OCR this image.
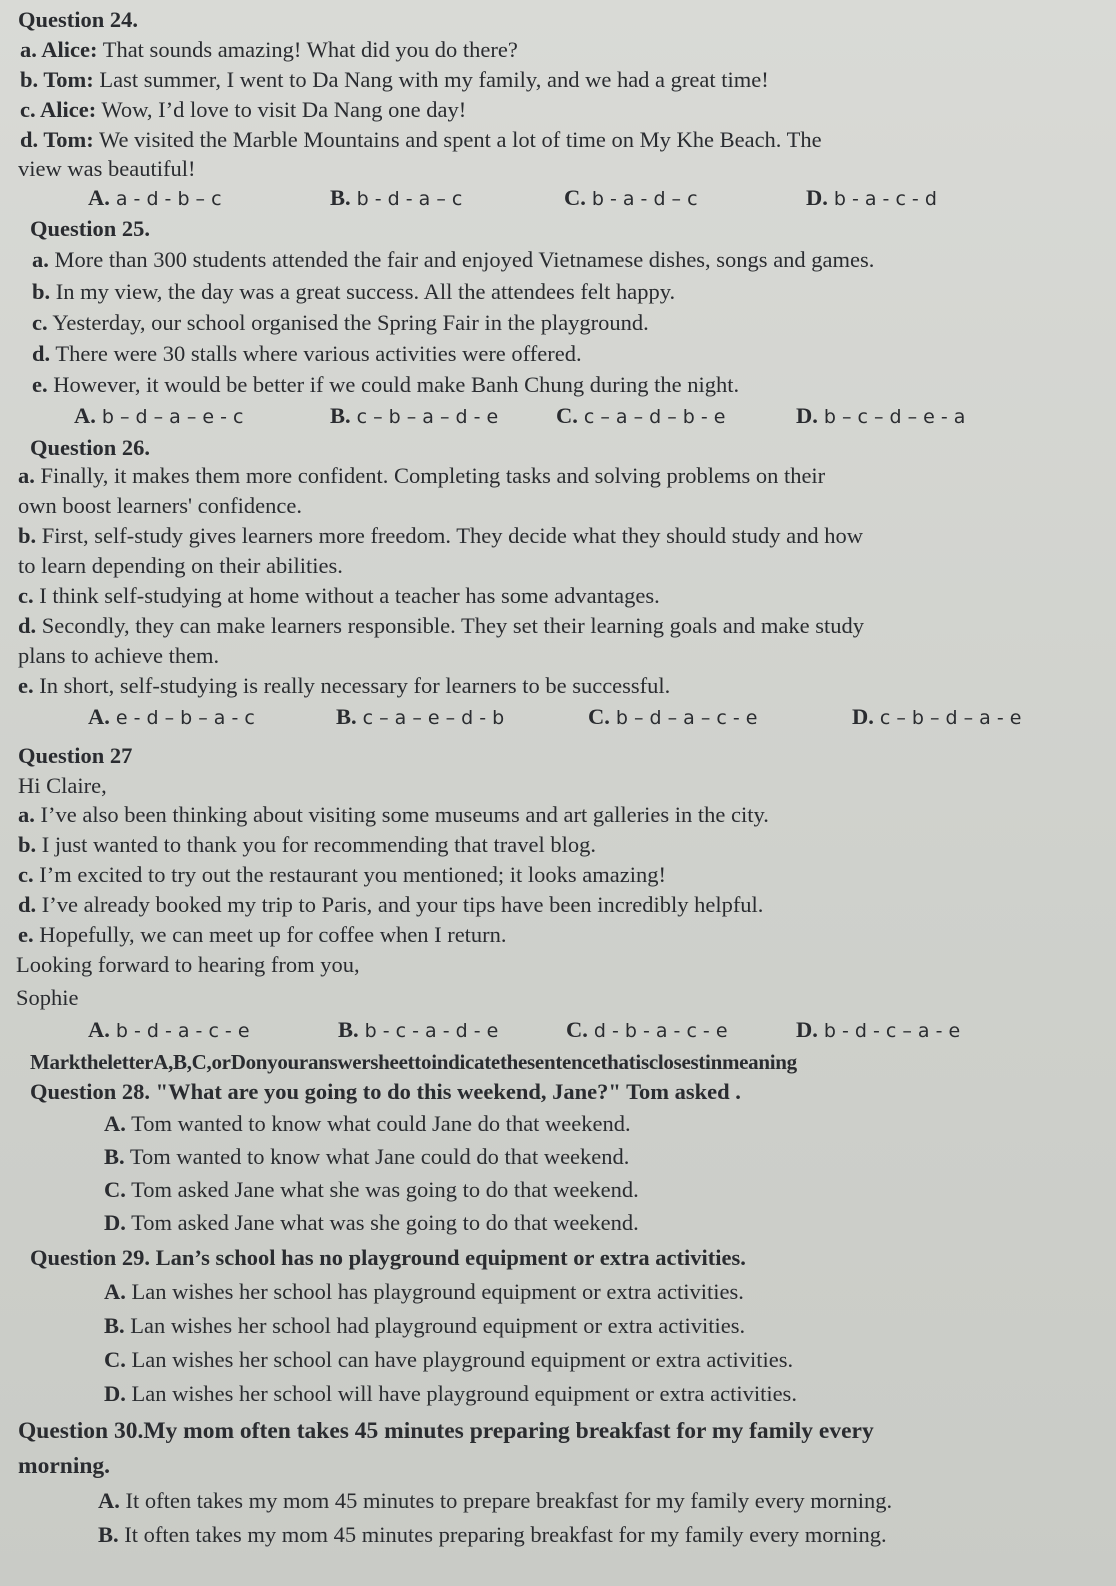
Question 24.
a. Alice: That sounds amazing! What did you do there?
b. Tom: Last summer, I went to Da Nang with my family, and we had a great time!
c. Alice: Wow, I’d love to visit Da Nang one day!
d. Tom: We visited the Marble Mountains and spent a lot of time on My Khe Beach. The
view was beautiful!
A. a - d - b – c	B. b - d - a – c	C. b - a - d – c	D. b - a - c - d
Question 25.
a. More than 300 students attended the fair and enjoyed Vietnamese dishes, songs and games.
b. In my view, the day was a great success. All the attendees felt happy.
c. Yesterday, our school organised the Spring Fair in the playground.
d. There were 30 stalls where various activities were offered.
e. However, it would be better if we could make Banh Chung during the night.
A. b – d – a – e - c	B. c – b – a – d - e	C. c – a – d – b - e	D. b – c – d – e - a
Question 26.
a. Finally, it makes them more confident. Completing tasks and solving problems on their
own boost learners' confidence.
b. First, self-study gives learners more freedom. They decide what they should study and how
to learn depending on their abilities.
c. I think self-studying at home without a teacher has some advantages.
d. Secondly, they can make learners responsible. They set their learning goals and make study
plans to achieve them.
e. In short, self-studying is really necessary for learners to be successful.
A. e - d – b – a - c	B. c – a – e – d - b	C. b – d – a – c - e	D. c – b – d – a - e
Question 27
Hi Claire,
a. I’ve also been thinking about visiting some museums and art galleries in the city.
b. I just wanted to thank you for recommending that travel blog.
c. I’m excited to try out the restaurant you mentioned; it looks amazing!
d. I’ve already booked my trip to Paris, and your tips have been incredibly helpful.
e. Hopefully, we can meet up for coffee when I return.
Looking forward to hearing from you,
Sophie
A. b - d - a - c - e	B. b - c - a - d - e	C. d - b - a - c - e	D. b - d - c – a - e
MarktheletterA,B,C,orDonyouranswersheettoindicatethesentencethatisclosestinmeaning
Question 28. "What are you going to do this weekend, Jane?" Tom asked .
A. Tom wanted to know what could Jane do that weekend.
B. Tom wanted to know what Jane could do that weekend.
C. Tom asked Jane what she was going to do that weekend.
D. Tom asked Jane what was she going to do that weekend.
Question 29. Lan’s school has no playground equipment or extra activities.
A. Lan wishes her school has playground equipment or extra activities.
B. Lan wishes her school had playground equipment or extra activities.
C. Lan wishes her school can have playground equipment or extra activities.
D. Lan wishes her school will have playground equipment or extra activities.
Question 30.My mom often takes 45 minutes preparing breakfast for my family every
morning.
A. It often takes my mom 45 minutes to prepare breakfast for my family every morning.
B. It often takes my mom 45 minutes preparing breakfast for my family every morning.
